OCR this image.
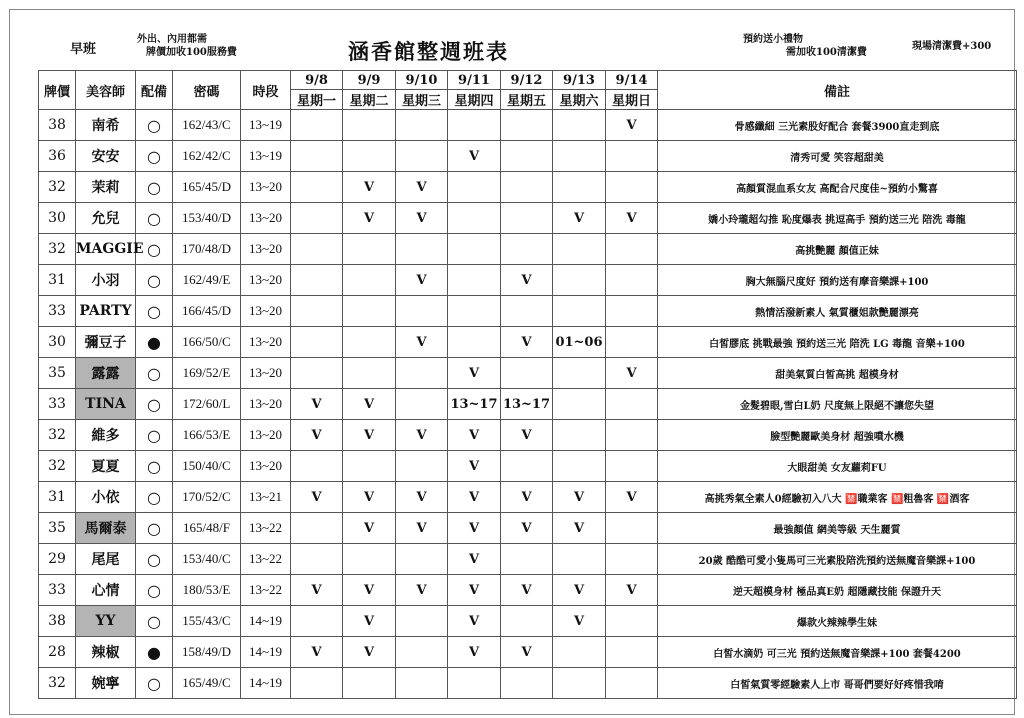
早班
外出、內用都需
牌價加收100服務費	涵香館整週班表	預約送小禮物
需加收100清潔費
現場清潔費+300
牌價	美容師	配備	密碼	時段	9/8	9/9	9/10	9/11	9/12	9/13	9/14	備註
					星期一	星期二	星期三	星期四	星期五	星期六	星期日	
38	南希	○	162/43/C	13~19							V	骨感纖細 三光素股好配合 套餐3900直走到底
36	安安	○	162/42/C	13~19				V				清秀可愛 笑容超甜美
32	茉莉	○	165/45/D	13~20		V	V					高顏質混血系女友 高配合尺度佳~預約小驚喜
30	允兒	○	153/40/D	13~20		V	V			V	V	嬌小玲瓏超勾推 恥度爆表 挑逗高手 預約送三光 陪洗 毒龍
32	MAGGIE	○	170/48/D	13~20								高挑艷麗 顏值正妹
31	小羽	○	162/49/E	13~20			V		V			胸大無腦尺度好 預約送有摩音樂課+100
33	PARTY	○	166/45/D	13~20								熱情活潑新素人 氣質櫃姐款艷麗漂亮
30	彌豆子	●	166/50/C	13~20			V		V	01~06		白皙膠底 挑戰最強 預約送三光 陪洗 LG 毒龍 音樂+100
35	露露	○	169/52/E	13~20				V			V	甜美氣質白皙高挑 超模身材
33	TINA	○	172/60/L	13~20	V	V		13~17	13~17			金髮碧眼,雪白L奶 尺度無上限絕不讓您失望
32	維多	○	166/53/E	13~20	V	V	V	V	V			臉型艷麗歐美身材 超強噴水機
32	夏夏	○	150/40/C	13~20				V				大眼甜美 女友蘿莉FU
31	小依	○	170/52/C	13~21	V	V	V	V	V	V	V	高挑秀氣全素人0經驗初入八大 🈲職業客 🈲粗魯客 🈲酒客
35	馬爾泰	○	165/48/F	13~22		V	V	V	V	V		最強顏值 網美等級 天生麗質
29	尾尾	○	153/40/C	13~22				V				20歲 酷酷可愛小隻馬可三光素股陪洗預約送無魔音樂課+100
33	心情	○	180/53/E	13~22	V	V	V	V	V	V	V	逆天超模身材 極品真E奶 超隱藏技能 保證升天
38	YY	○	155/43/C	14~19		V		V		V		爆款火辣辣學生妹
28	辣椒	●	158/49/D	14~19	V	V		V	V			白皙水滴奶 可三光 預約送無魔音樂課+100 套餐4200
32	婉寧	○	165/49/C	14~19								白皙氣質零經驗素人上市 哥哥們要好好疼惜我唷
